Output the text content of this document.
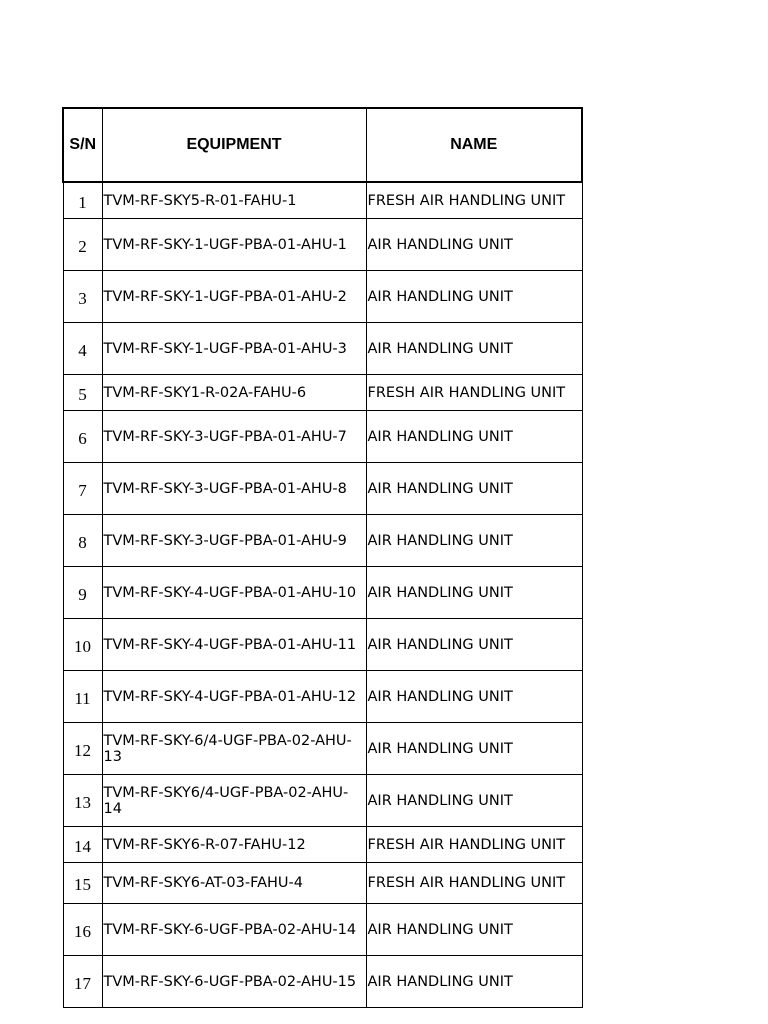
S/N	EQUIPMENT	NAME
1	TVM-RF-SKY5-R-01-FAHU-1	FRESH AIR HANDLING UNIT
2	TVM-RF-SKY-1-UGF-PBA-01-AHU-1	AIR HANDLING UNIT
3	TVM-RF-SKY-1-UGF-PBA-01-AHU-2	AIR HANDLING UNIT
4	TVM-RF-SKY-1-UGF-PBA-01-AHU-3	AIR HANDLING UNIT
5	TVM-RF-SKY1-R-02A-FAHU-6	FRESH AIR HANDLING UNIT
6	TVM-RF-SKY-3-UGF-PBA-01-AHU-7	AIR HANDLING UNIT
7	TVM-RF-SKY-3-UGF-PBA-01-AHU-8	AIR HANDLING UNIT
8	TVM-RF-SKY-3-UGF-PBA-01-AHU-9	AIR HANDLING UNIT
9	TVM-RF-SKY-4-UGF-PBA-01-AHU-10	AIR HANDLING UNIT
10	TVM-RF-SKY-4-UGF-PBA-01-AHU-11	AIR HANDLING UNIT
11	TVM-RF-SKY-4-UGF-PBA-01-AHU-12	AIR HANDLING UNIT
12	TVM-RF-SKY-6/4-UGF-PBA-02-AHU-13	AIR HANDLING UNIT
13	TVM-RF-SKY6/4-UGF-PBA-02-AHU-14	AIR HANDLING UNIT
14	TVM-RF-SKY6-R-07-FAHU-12	FRESH AIR HANDLING UNIT
15	TVM-RF-SKY6-AT-03-FAHU-4	FRESH AIR HANDLING UNIT
16	TVM-RF-SKY-6-UGF-PBA-02-AHU-14	AIR HANDLING UNIT
17	TVM-RF-SKY-6-UGF-PBA-02-AHU-15	AIR HANDLING UNIT
